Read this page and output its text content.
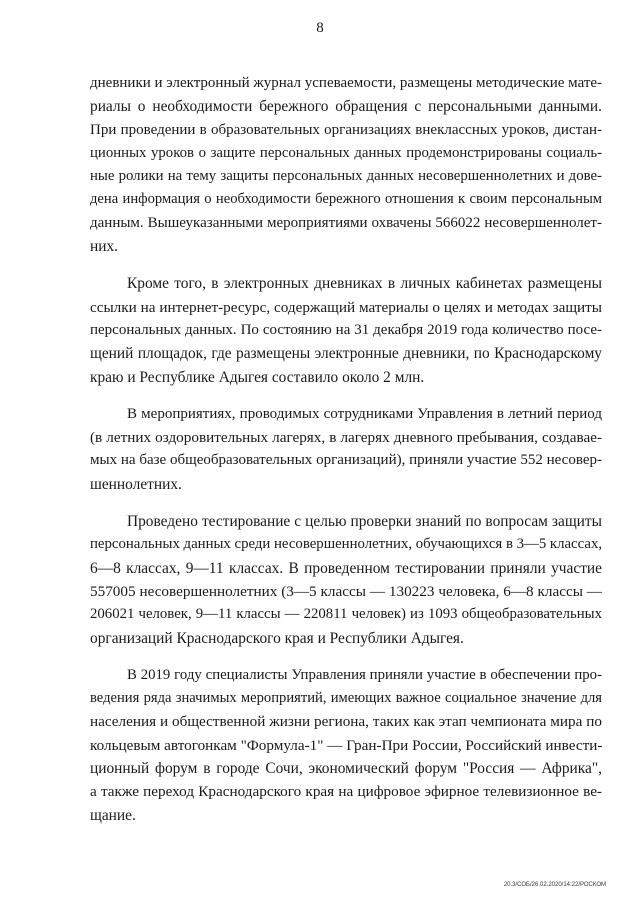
8

дневники и электронный журнал успеваемости, размещены методические мате-
риалы о необходимости бережного обращения с персональными данными.
При проведении в образовательных организациях внеклассных уроков, дистан-
ционных уроков о защите персональных данных продемонстрированы социаль-
ные ролики на тему защиты персональных данных несовершеннолетних и дове-
дена информация о необходимости бережного отношения к своим персональным
данным. Вышеуказанными мероприятиями охвачены 566022 несовершеннолет-
них.

Кроме того, в электронных дневниках в личных кабинетах размещены
ссылки на интернет-ресурс, содержащий материалы о целях и методах защиты
персональных данных. По состоянию на 31 декабря 2019 года количество посе-
щений площадок, где размещены электронные дневники, по Краснодарскому
краю и Республике Адыгея составило около 2 млн.

В мероприятиях, проводимых сотрудниками Управления в летний период
(в летних оздоровительных лагерях, в лагерях дневного пребывания, создавае-
мых на базе общеобразовательных организаций), приняли участие 552 несовер-
шеннолетних.

Проведено тестирование с целью проверки знаний по вопросам защиты
персональных данных среди несовершеннолетних, обучающихся в 3—5 классах,
6—8 классах, 9—11 классах. В проведенном тестировании приняли участие
557005 несовершеннолетних (3—5 классы — 130223 человека, 6—8 классы —
206021 человек, 9—11 классы — 220811 человек) из 1093 общеобразовательных
организаций Краснодарского края и Республики Адыгея.

В 2019 году специалисты Управления приняли участие в обеспечении про-
ведения ряда значимых мероприятий, имеющих важное социальное значение для
населения и общественной жизни региона, таких как этап чемпионата мира по
кольцевым автогонкам "Формула-1" — Гран-При России, Российский инвести-
ционный форум в городе Сочи, экономический форум "Россия — Африка",
а также переход Краснодарского края на цифровое эфирное телевизионное ве-
щание.

20.3/СОБ/26.02.2020/14:22/РОСКОМ
